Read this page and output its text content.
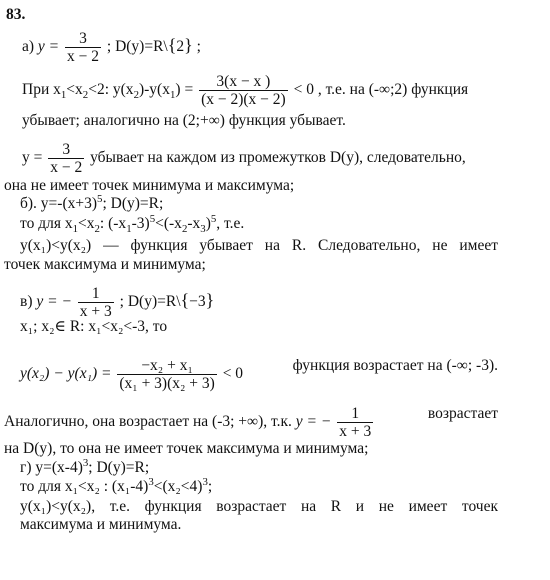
83.
а) $y = \frac{3}{x - 2}$ ; D(y)=R\{2} ;
При $x_1<x_2<2$: $y(x_2)-y(x_1) = \frac{3(x - x )}{(x - 2)(x - 2)} < 0$ , т.е. на (-∞;2) функция
убывает; аналогично на (2;+∞) функция убывает.
$y = \frac{3}{x - 2}$ убывает на каждом из промежутков D(y), следовательно,
она не имеет точек минимума и максимума;
б). $y=-(x+3)^5$; D(y)=R;
то для $x_1<x_2$: $(-x_1-3)^5<(-x_2-x_3)^5$, т.е.
y(x₁)<y(x₂) — функция убывает на R. Следовательно, не имеет
точек максимума и минимума;
в) y = − $\frac{1}{x + 3}$ ; D(y)=R\{−3}
x₁; x₂∈ R: x₁<x₂<-3, то
$y(x_2) - y(x_1) = \frac{\text{−x₂ + x₁}}{\text{(x₁ + 3)(x₂ + 3)}} < 0$	функция возрастает на (-∞; -3).
Аналогично, она возрастает на (-3; +∞), т.к. y = − $\frac{1}{x + 3}$	возрастает
на D(y), то она не имеет точек максимума и минимума;
г) $y=(x-4)^3$; D(y)=R;
то для x₁<x₂ : $(x_1-4)^3<(x_2<4)^3$;
y(x₁)<y(x₂), т.е. функция возрастает на R и не имеет точек
максимума и минимума.
